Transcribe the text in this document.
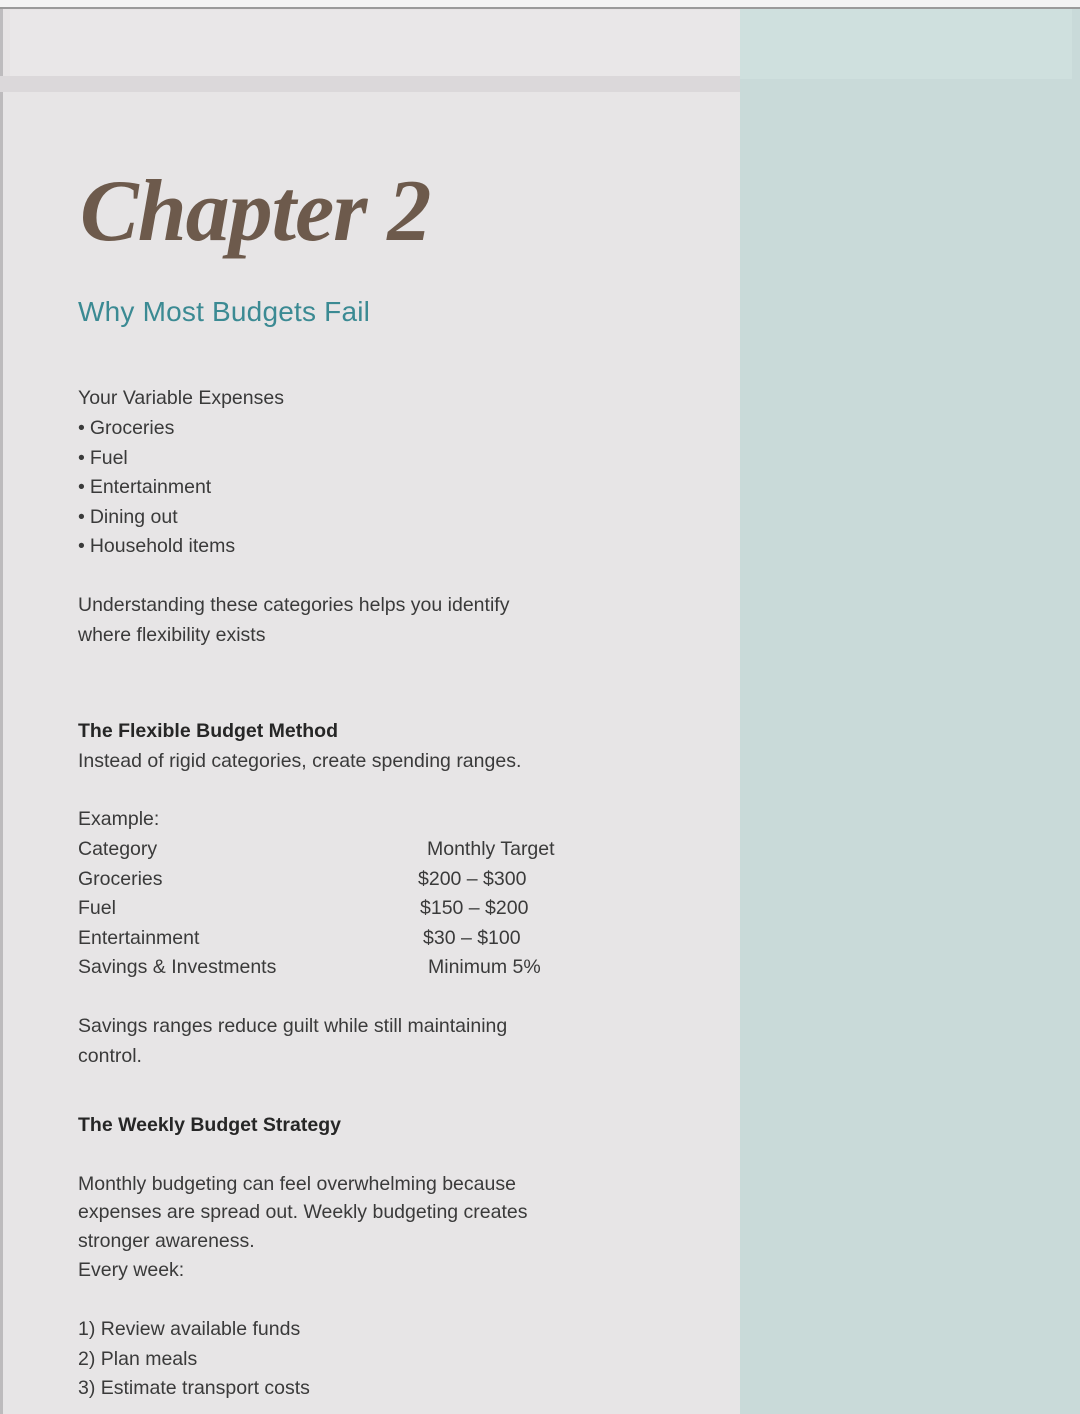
Chapter 2
Why Most Budgets Fail

Your Variable Expenses

• Groceries
• Fuel
• Entertainment
• Dining out
• Household items

Understanding these categories helps you identify

where flexibility exists

The Flexible Budget Method

Instead of rigid categories, create spending ranges.

Example:

Category	Monthly Target
Groceries	$200 – $300
Fuel	$150 – $200
Entertainment	$30 – $100
Savings & Investments	Minimum 5%

Savings ranges reduce guilt while still maintaining

control.

The Weekly Budget Strategy

Monthly budgeting can feel overwhelming because

expenses are spread out. Weekly budgeting creates

stronger awareness.

Every week:

1) Review available funds
2) Plan meals
3) Estimate transport costs
